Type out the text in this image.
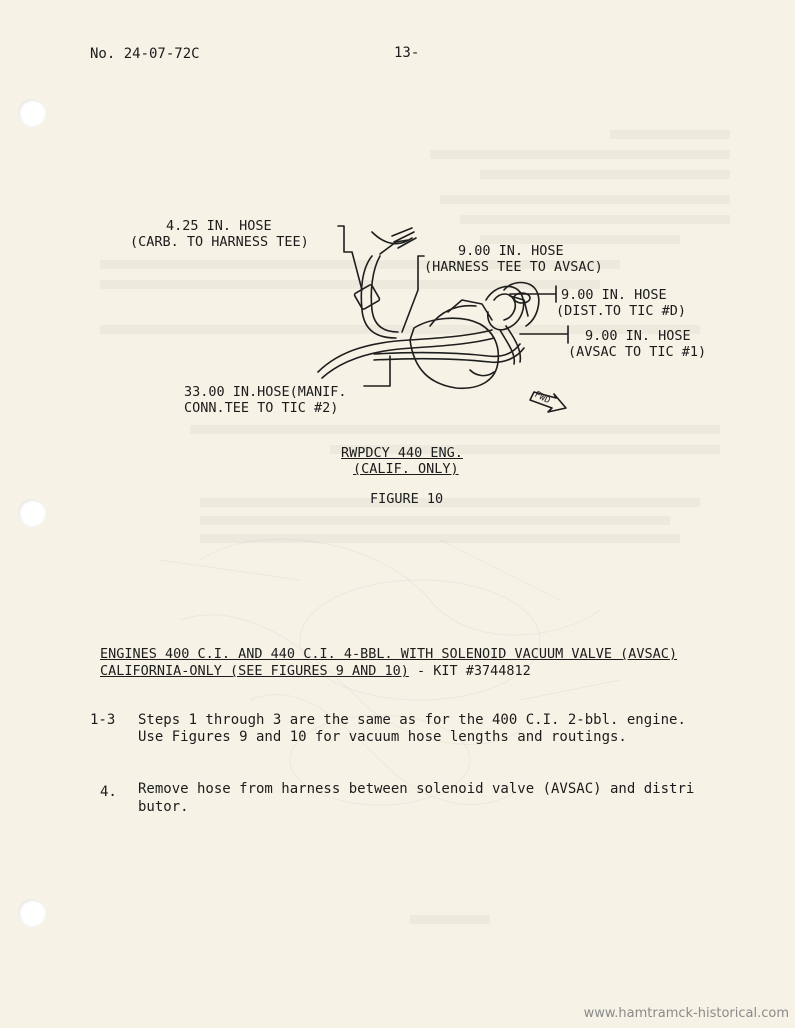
No. 24-07-72C	13-
4.25 IN. HOSE
(CARB. TO HARNESS TEE)
9.00 IN. HOSE
(HARNESS TEE TO AVSAC)
9.00 IN. HOSE
(DIST.TO TIC #D)
9.00 IN. HOSE
(AVSAC TO TIC #1)
33.00 IN.HOSE(MANIF.
CONN.TEE TO TIC #2)
FWD
RWPDCY 440 ENG.
(CALIF. ONLY)
FIGURE 10
ENGINES 400 C.I. AND 440 C.I. 4-BBL. WITH SOLENOID VACUUM VALVE (AVSAC)
CALIFORNIA-ONLY (SEE FIGURES 9 AND 10) - KIT #3744812
1-3 Steps 1 through 3 are the same as for the 400 C.I. 2-bbl. engine.
Use Figures 9 and 10 for vacuum hose lengths and routings.
4. Remove hose from harness between solenoid valve (AVSAC) and distri
butor.
www.hamtramck-historical.com
